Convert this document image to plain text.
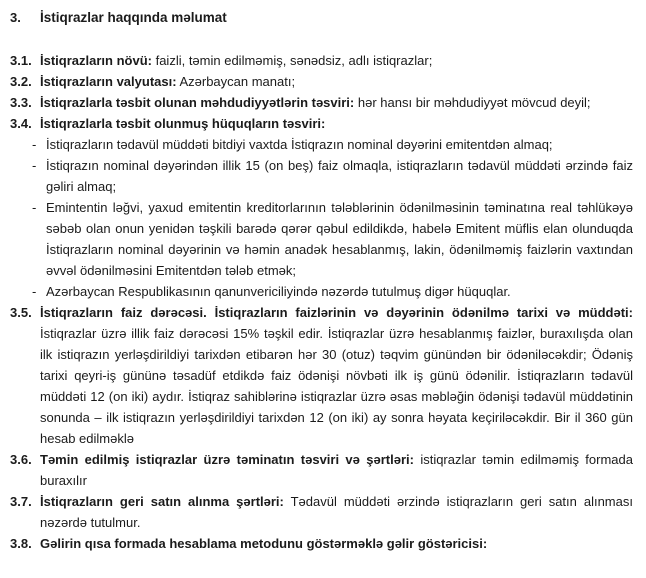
3.	İstiqrazlar haqqında məlumat
3.1. İstiqrazların növü: faizli, təmin edilməmiş, sənədsiz, adlı istiqrazlar;
3.2. İstiqrazların valyutası: Azərbaycan manatı;
3.3. İstiqrazlarla təsbit olunan məhdudiyyətlərin təsviri: hər hansı bir məhdudiyyət mövcud deyil;
3.4. İstiqrazlarla təsbit olunmuş hüquqların təsviri:
- İstiqrazların tədavül müddəti bitdiyi vaxtda İstiqrazın nominal dəyərini emitentdən almaq;
- İstiqrazın nominal dəyərindən illik 15 (on beş) faiz olmaqla, istiqrazların tədavül müddəti ərzində faiz gəliri almaq;
- Emintentin ləğvi, yaxud emitentin kreditorlarının tələblərinin ödənilməsinin təminatına real təhlükəyə səbəb olan onun yenidən təşkili barədə qərər qəbul edildikdə, habelə Emitent müflis elan olunduqda İstiqrazların nominal dəyərinin və həmin anadək hesablanmış, lakin, ödənilməmiş faizlərin vaxtından əvvəl ödənilməsini Emitentdən tələb etmək;
- Azərbaycan Respublikasının qanunvericiliyində nəzərdə tutulmuş digər hüquqlar.
3.5. İstiqrazların faiz dərəcəsi. İstiqrazların faizlərinin və dəyərinin ödənilmə tarixi və müddəti: İstiqrazlar üzrə illik faiz dərəcəsi 15% təşkil edir. İstiqrazlar üzrə hesablanmış faizlər, buraxılışda olan ilk istiqrazın yerləşdirildiyi tarixdən etibarən hər 30 (otuz) təqvim günündən bir ödəniləcəkdir; Ödəniş tarixi qeyri-iş gününə təsadüf etdikdə faiz ödənişi növbəti ilk iş günü ödənilir. İstiqrazların tədavül müddəti 12 (on iki) aydır. İstiqraz sahiblərinə istiqrazlar üzrə əsas məbləğin ödənişi tədavül müddətinin sonunda – ilk istiqrazın yerləşdirildiyi tarixdən 12 (on iki) ay sonra həyata keçiriləcəkdir. Bir il 360 gün hesab edilməklə
3.6. Təmin edilmiş istiqrazlar üzrə təminatın təsviri və şərtləri: istiqrazlar təmin edilməmiş formada buraxılır
3.7. İstiqrazların geri satın alınma şərtləri: Tədavül müddəti ərzində istiqrazların geri satın alınması nəzərdə tutulmur.
3.8. Gəlirin qısa formada hesablama metodunu göstərməklə gəlir göstəricisi:
